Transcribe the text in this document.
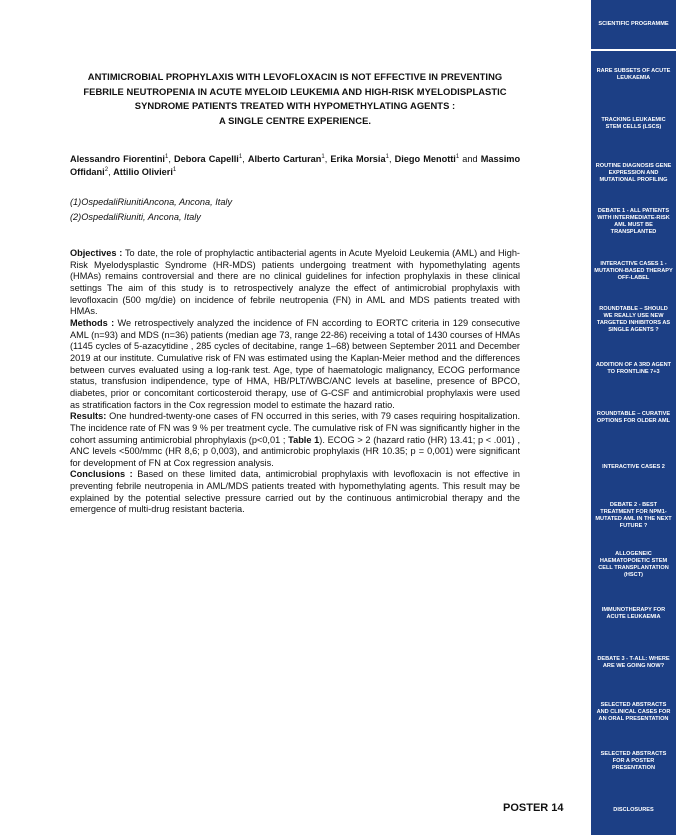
ANTIMICROBIAL PROPHYLAXIS WITH LEVOFLOXACIN IS NOT EFFECTIVE IN PREVENTING
FEBRILE NEUTROPENIA IN ACUTE MYELOID LEUKEMIA AND HIGH-RISK MYELODISPLASTIC
SYNDROME PATIENTS TREATED WITH HYPOMETHYLATING AGENTS :
A SINGLE CENTRE EXPERIENCE.
Alessandro Fiorentini$^1$, Debora Capelli$^1$, Alberto Carturan$^1$, Erika Morsia$^1$, Diego Menotti$^1$ and Massimo Offidani$^2$, Attilio Olivieri$^1$
(1)OspedaliRiunitiAncona, Ancona, Italy
(2)OspedaliRiuniti, Ancona, Italy

Objectives : To date, the role of prophylactic antibacterial agents in Acute Myeloid Leukemia (AML) and High-Risk Myelodysplastic Syndrome (HR-MDS) patients undergoing treatment with hypomethylating agents (HMAs) remains controversial and there are no clinical guidelines for infection prophylaxis in these clinical settings The aim of this study is to retrospectively analyze the effect of antimicrobial prophylaxis with levofloxacin (500 mg/die) on incidence of febrile neutropenia (FN) in AML and MDS patients treated with HMAs.

Methods : We retrospectively analyzed the incidence of FN according to EORTC criteria in 129 consecutive AML (n=93) and MDS (n=36) patients (median age 73, range 22-86) receiving a total of 1430 courses of HMAs (1145 cycles of 5-azacytidine , 285 cycles of decitabine, range 1–68) between September 2011 and December 2019 at our institute. Cumulative risk of FN was estimated using the Kaplan-Meier method and the differences between curves evaluated using a log-rank test. Age, type of haematologic malignancy, ECOG performance status, transfusion indipendence, type of HMA, HB/PLT/WBC/ANC levels at baseline, presence of BPCO, diabetes, prior or concomitant corticosteroid therapy, use of G-CSF and antimicrobial prophylaxis were used as stratification factors in the Cox regression model to estimate the hazard ratio.

Results: One hundred-twenty-one cases of FN occurred in this series, with 79 cases requiring hospitalization. The incidence rate of FN was 9 % per treatment cycle. The cumulative risk of FN was significantly higher in the cohort assuming antimicrobial phrophylaxis (p<0,01 ; Table 1). ECOG > 2 (hazard ratio (HR) 13.41; p < .001) , ANC levels <500/mmc (HR 8,6; p 0,003), and antimicrobic prophylaxis (HR 10.35; p = 0,001) were significant for development of FN at Cox regression analysis.

Conclusions : Based on these limited data, antimicrobial prophylaxis with levofloxacin is not effective in preventing febrile neutropenia in AML/MDS patients treated with hypomethylating agents. This result may be explained by the potential selective pressure carried out by the continuous antimicrobial therapy and the emergence of multi-drug resistant bacteria.

POSTER 14
SCIENTIFIC PROGRAMME
RARE SUBSETS OF ACUTE LEUKAEMIA
TRACKING LEUKAEMIC STEM CELLS (LSCS)
ROUTINE DIAGNOSIS GENE EXPRESSION AND MUTATIONAL PROFILING
DEBATE 1 - ALL PATIENTS WITH INTERMEDIATE-RISK AML MUST BE TRANSPLANTED
INTERACTIVE CASES 1 - MUTATION-BASED THERAPY OFF-LABEL
ROUNDTABLE – SHOULD WE REALLY USE NEW TARGETED INHIBITORS AS SINGLE AGENTS ?
ADDITION OF A 3RD AGENT TO FRONTLINE 7+3
ROUNDTABLE – CURATIVE OPTIONS FOR OLDER AML
INTERACTIVE CASES 2
DEBATE 2 - BEST TREATMENT FOR NPM1-MUTATED AML IN THE NEXT FUTURE ?
ALLOGENEIC HAEMATOPOIETIC STEM CELL TRANSPLANTATION (HSCT)
IMMUNOTHERAPY FOR ACUTE LEUKAEMIA
DEBATE 3 - T-ALL: WHERE ARE WE GOING NOW?
SELECTED ABSTRACTS AND CLINICAL CASES FOR AN ORAL PRESENTATION
SELECTED ABSTRACTS FOR A POSTER PRESENTATION
DISCLOSURES
